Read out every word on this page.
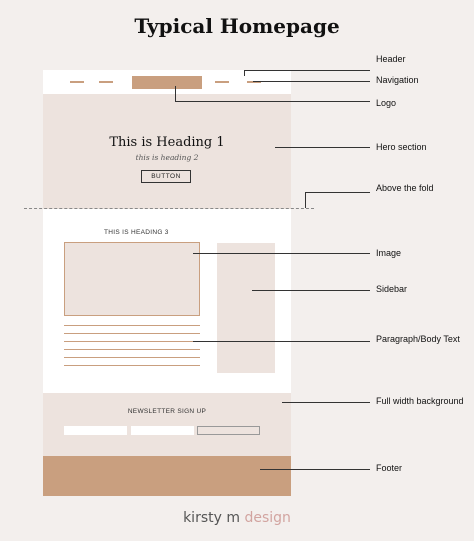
Typical Homepage
This is Heading 1
this is heading 2
BUTTON
THIS IS HEADING 3
NEWSLETTER SIGN UP
Header
Navigation
Logo
Hero section
Above the fold
Image
Sidebar
Paragraph/Body Text
Full width background
Footer
kirsty m design
